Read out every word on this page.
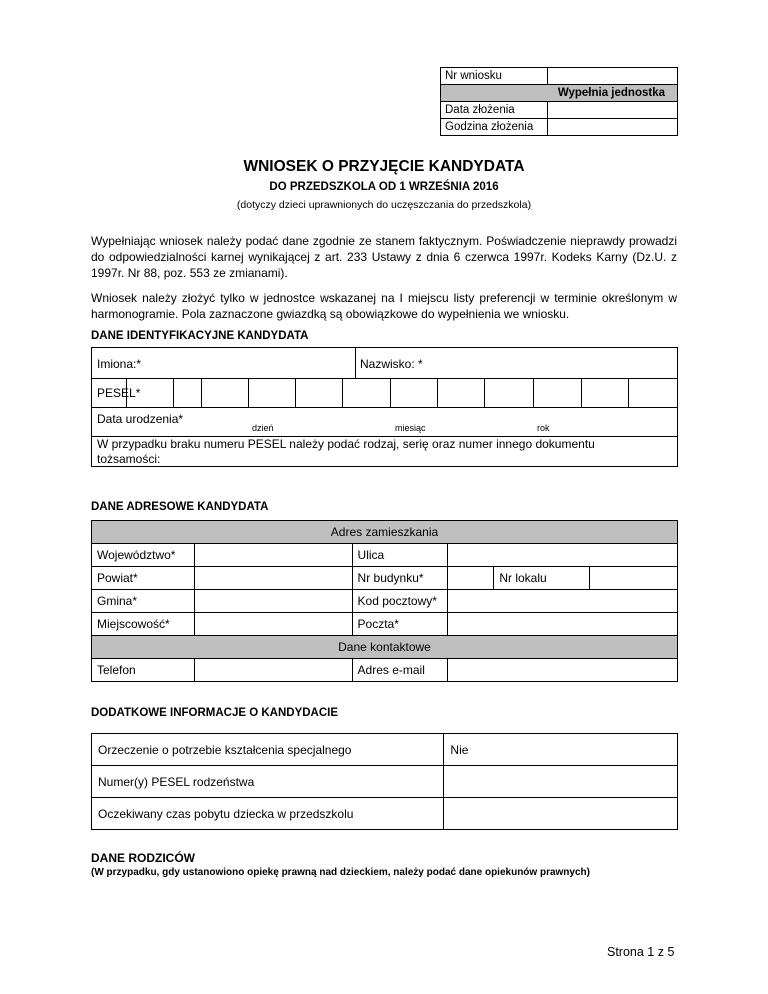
Nr wniosku	
Wypełnia jednostka	
Data złożenia	
Godzina złożenia	
WNIOSEK O PRZYJĘCIE KANDYDATA
DO PRZEDSZKOLA OD 1 WRZEŚNIA 2016
(dotyczy dzieci uprawnionych do uczęszczania do przedszkola)
Wypełniając wniosek należy podać dane zgodnie ze stanem faktycznym. Poświadczenie nieprawdy prowadzi do odpowiedzialności karnej wynikającej z art. 233 Ustawy z dnia 6 czerwca 1997r. Kodeks Karny (Dz.U. z 1997r. Nr 88, poz. 553 ze zmianami).
Wniosek należy złożyć tylko w jednostce wskazanej na I miejscu listy preferencji w terminie określonym w harmonogramie. Pola zaznaczone gwiazdką są obowiązkowe do wypełnienia we wniosku.
DANE IDENTYFIKACYJNE KANDYDATA
Imiona:*	Nazwisko: *
PESEL*
Data urodzenia*
dzień	miesiąc	rok
W przypadku braku numeru PESEL należy podać rodzaj, serię oraz numer innego dokumentu tożsamości:
DANE ADRESOWE KANDYDATA
Adres zamieszkania					
Województwo*		Ulica			
Powiat*		Nr budynku*		Nr lokalu	
Gmina*		Kod pocztowy*			
Miejscowość*		Poczta*			
Dane kontaktowe					
Telefon		Adres e-mail			
DODATKOWE INFORMACJE O KANDYDACIE
Orzeczenie o potrzebie kształcenia specjalnego	Nie
Numer(y) PESEL rodzeństwa	
Oczekiwany czas pobytu dziecka w przedszkolu	
DANE RODZICÓW
(W przypadku, gdy ustanowiono opiekę prawną nad dzieckiem, należy podać dane opiekunów prawnych)
Strona 1 z 5
